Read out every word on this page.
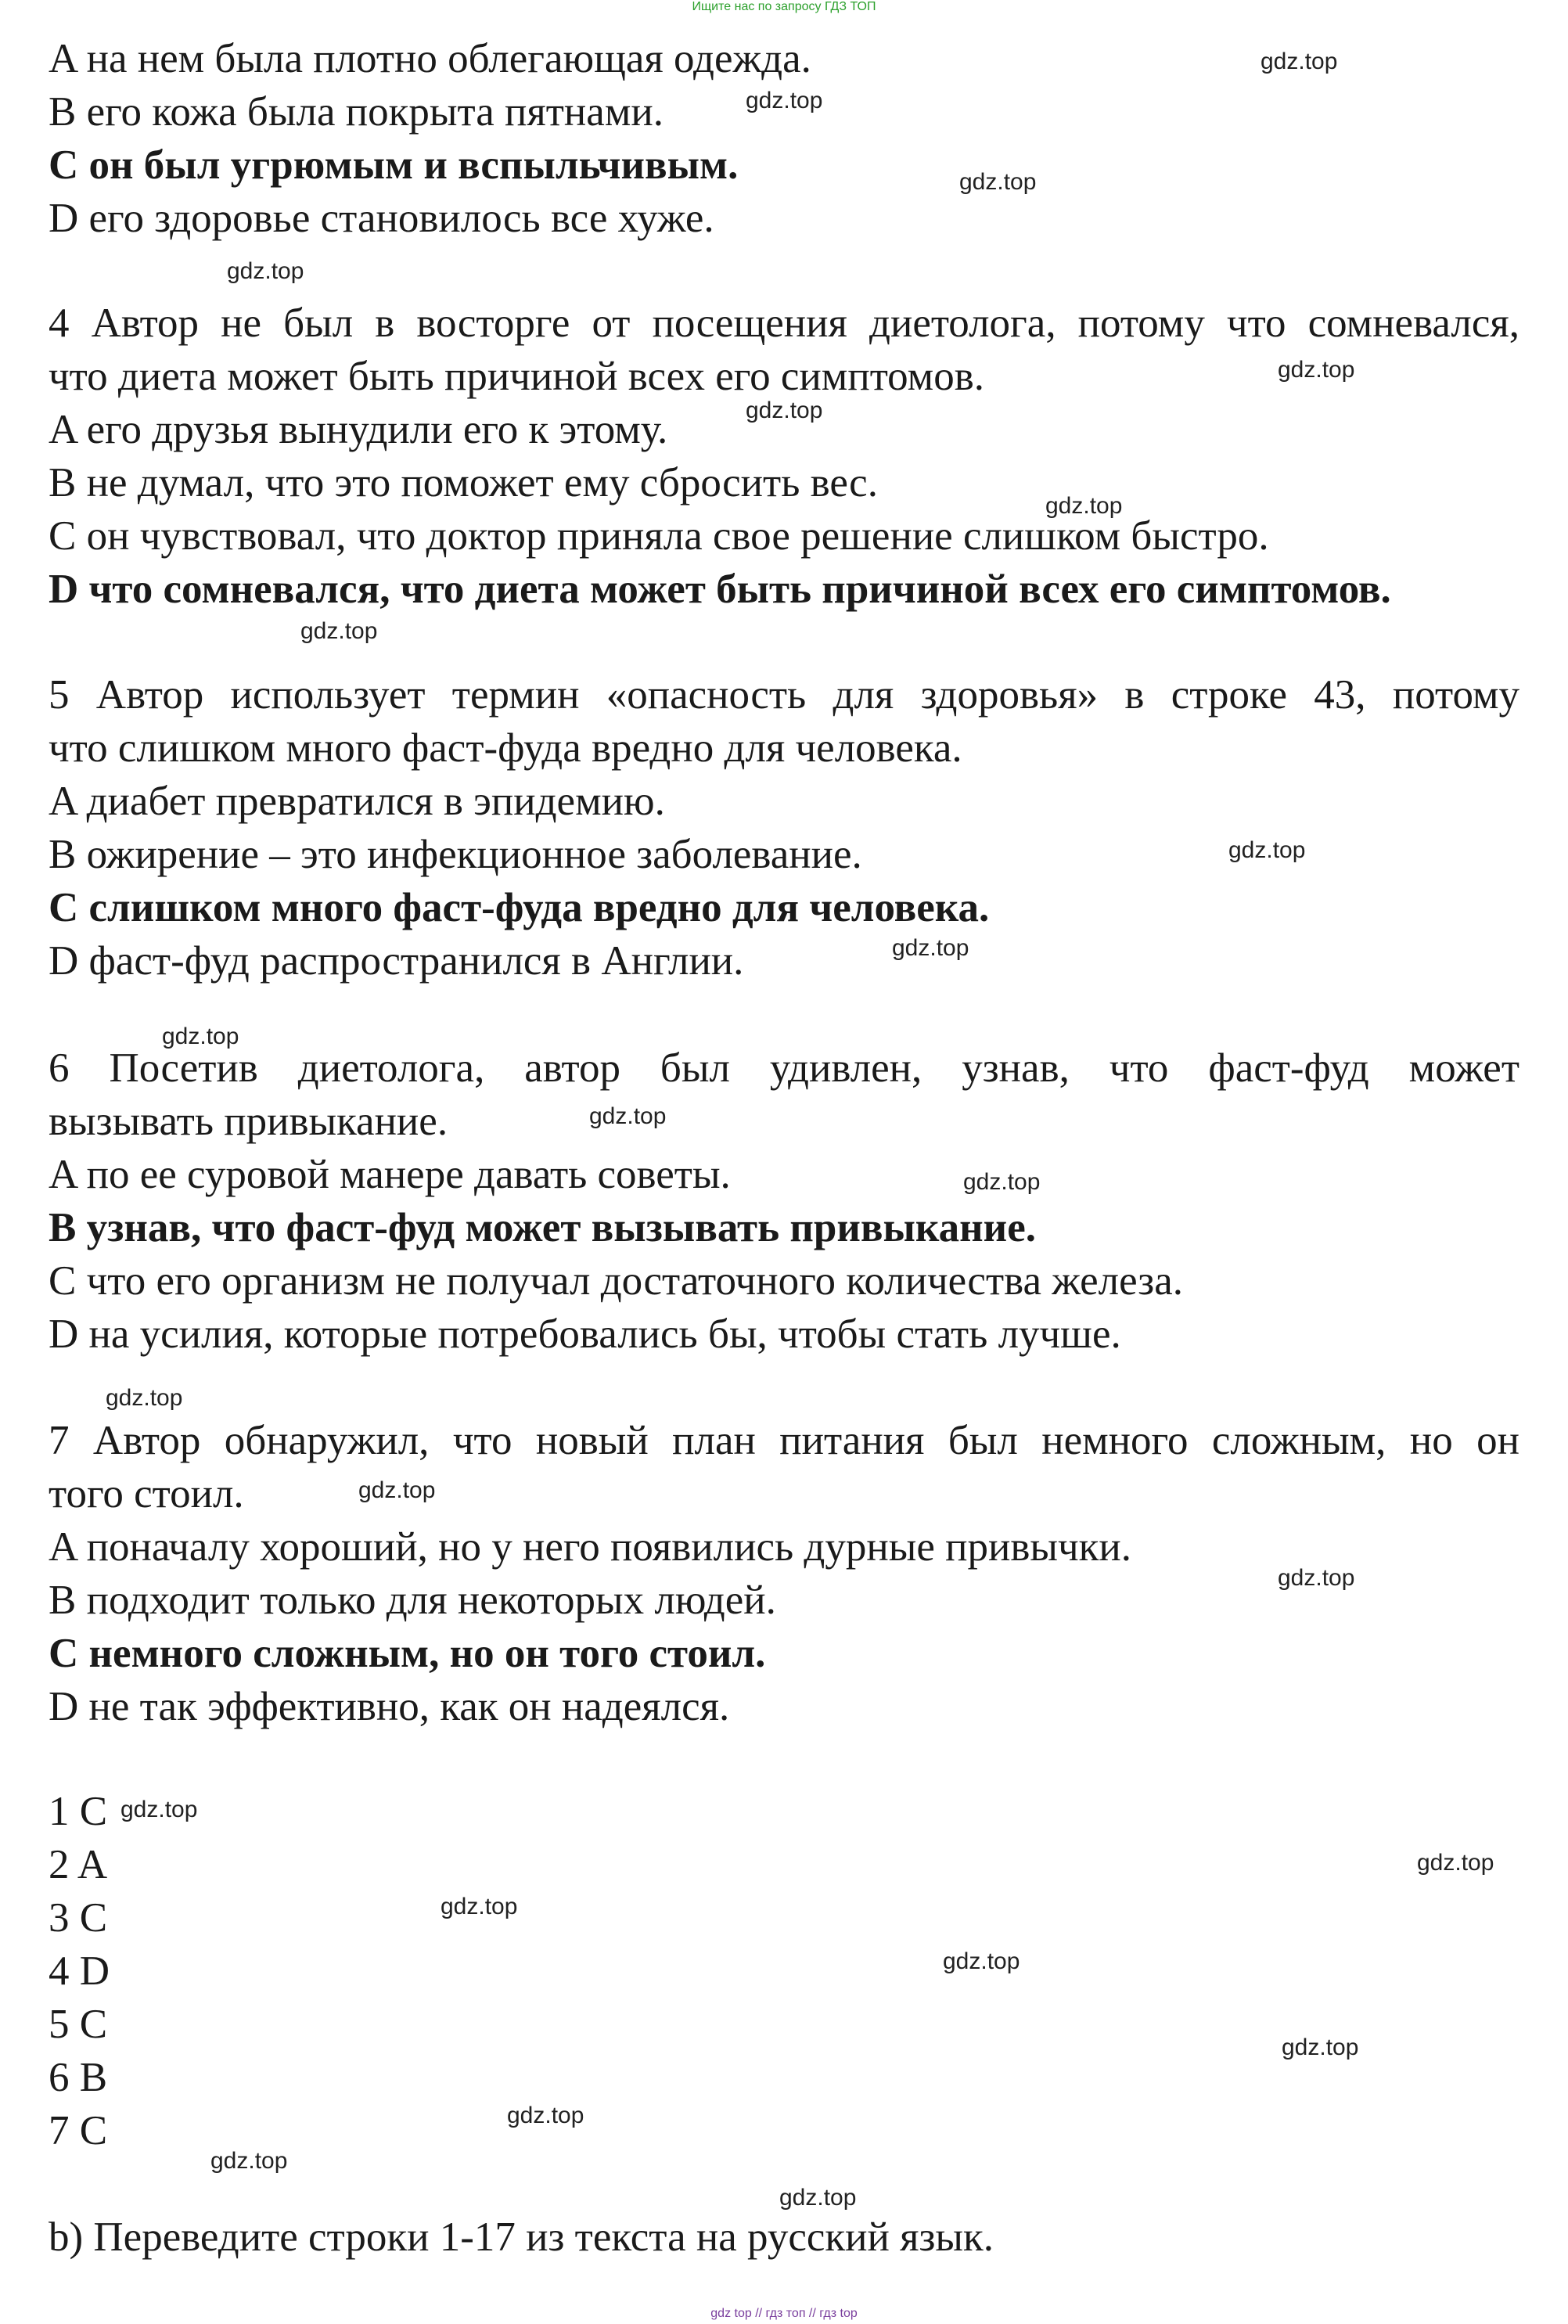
Ищите нас по запросу ГДЗ ТОП
A на нем была плотно облегающая одежда.
B его кожа была покрыта пятнами.
C он был угрюмым и вспыльчивым.
D его здоровье становилось все хуже.
4 Автор не был в восторге от посещения диетолога, потому что сомневался,
что диета может быть причиной всех его симптомов.
A его друзья вынудили его к этому.
B не думал, что это поможет ему сбросить вес.
C он чувствовал, что доктор приняла свое решение слишком быстро.
D что сомневался, что диета может быть причиной всех его симптомов.
5 Автор использует термин «опасность для здоровья» в строке 43, потому
что слишком много фаст-фуда вредно для человека.
A диабет превратился в эпидемию.
B ожирение – это инфекционное заболевание.
C слишком много фаст-фуда вредно для человека.
D фаст-фуд распространился в Англии.
6 Посетив диетолога, автор был удивлен, узнав, что фаст-фуд может
вызывать привыкание.
A по ее суровой манере давать советы.
B узнав, что фаст-фуд может вызывать привыкание.
C что его организм не получал достаточного количества железа.
D на усилия, которые потребовались бы, чтобы стать лучше.
7 Автор обнаружил, что новый план питания был немного сложным, но он
того стоил.
A поначалу хороший, но у него появились дурные привычки.
B подходит только для некоторых людей.
C немного сложным, но он того стоил.
D не так эффективно, как он надеялся.
1 C
2 A
3 C
4 D
5 C
6 B
7 C
b) Переведите строки 1-17 из текста на русский язык.
gdz.top
gdz.top
gdz.top
gdz.top
gdz.top
gdz.top
gdz.top
gdz.top
gdz.top
gdz.top
gdz.top
gdz.top
gdz.top
gdz.top
gdz.top
gdz.top
gdz.top
gdz.top
gdz.top
gdz.top
gdz.top
gdz.top
gdz.top
gdz.top
gdz top // гдз топ // гдз top
